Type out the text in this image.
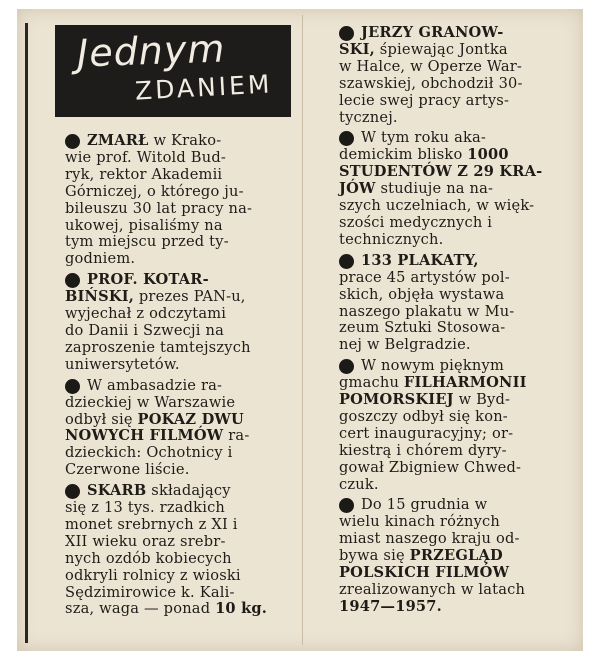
Jednym
ZDANIEM
ZMARŁ w Krako-
wie prof. Witold Bud-
ryk, rektor Akademii
Górniczej, o którego ju-
bileuszu 30 lat pracy na-
ukowej, pisaliśmy na
tym miejscu przed ty-
godniem.
PROF. KOTAR-
BIŃSKI, prezes PAN-u,
wyjechał z odczytami
do Danii i Szwecji na
zaproszenie tamtejszych
uniwersytetów.
W ambasadzie ra-
dzieckiej w Warszawie
odbył się POKAZ DWU
NOWYCH FILMÓW ra-
dzieckich: Ochotnicy i
Czerwone liście.
SKARB składający
się z 13 tys. rzadkich
monet srebrnych z XI i
XII wieku oraz srebr-
nych ozdób kobiecych
odkryli rolnicy z wioski
Sędzimirowice k. Kali-
sza, waga — ponad 10 kg.
JERZY GRANOW-
SKI, śpiewając Jontka
w Halce, w Operze War-
szawskiej, obchodził 30-
lecie swej pracy artys-
tycznej.
W tym roku aka-
demickim blisko 1000
STUDENTÓW Z 29 KRA-
JÓW studiuje na na-
szych uczelniach, w więk-
szości medycznych i
technicznych.
133 PLAKATY,
prace 45 artystów pol-
skich, objęła wystawa
naszego plakatu w Mu-
zeum Sztuki Stosowa-
nej w Belgradzie.
W nowym pięknym
gmachu FILHARMONII
POMORSKIEJ w Byd-
goszczy odbył się kon-
cert inauguracyjny; or-
kiestrą i chórem dyry-
gował Zbigniew Chwed-
czuk.
Do 15 grudnia w
wielu kinach różnych
miast naszego kraju od-
bywa się PRZEGLĄD
POLSKICH FILMÓW
zrealizowanych w latach
1947—1957.
